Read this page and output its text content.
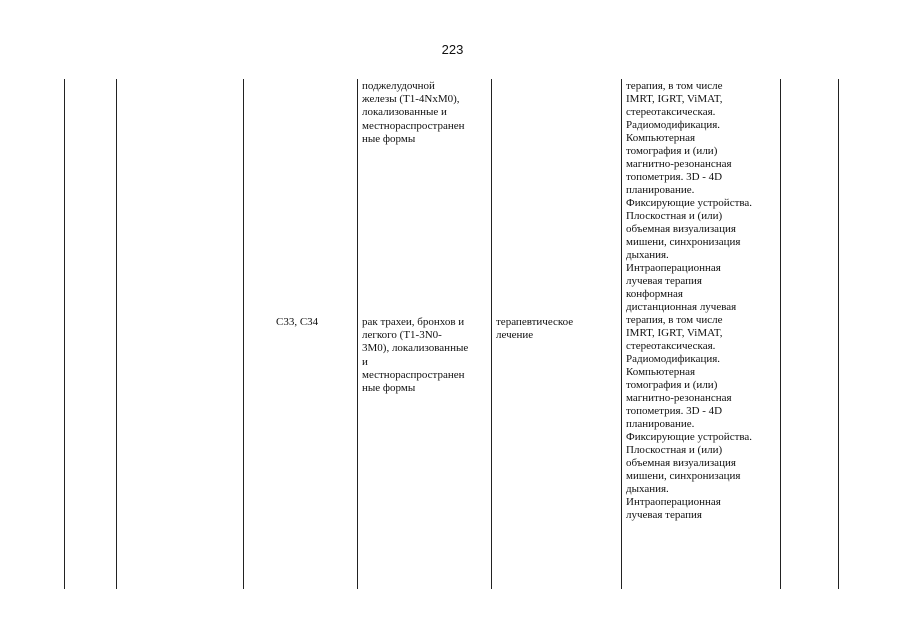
223
поджелудочной
железы (T1-4NxM0),
локализованные и
местнораспространен
ные формы
C33, C34	рак трахеи, бронхов и
легкого (T1-3N0-
3M0), локализованные
и
местнораспространен
ные формы
терапевтическое
лечение
терапия, в том числе
IMRT, IGRT, ViMAT,
стереотаксическая.
Радиомодификация.
Компьютерная
томография и (или)
магнитно-резонансная
топометрия. 3D - 4D
планирование.
Фиксирующие устройства.
Плоскостная и (или)
объемная визуализация
мишени, синхронизация
дыхания.
Интраоперационная
лучевая терапия
конформная
дистанционная лучевая
терапия, в том числе
IMRT, IGRT, ViMAT,
стереотаксическая.
Радиомодификация.
Компьютерная
томография и (или)
магнитно-резонансная
топометрия. 3D - 4D
планирование.
Фиксирующие устройства.
Плоскостная и (или)
объемная визуализация
мишени, синхронизация
дыхания.
Интраоперационная
лучевая терапия
